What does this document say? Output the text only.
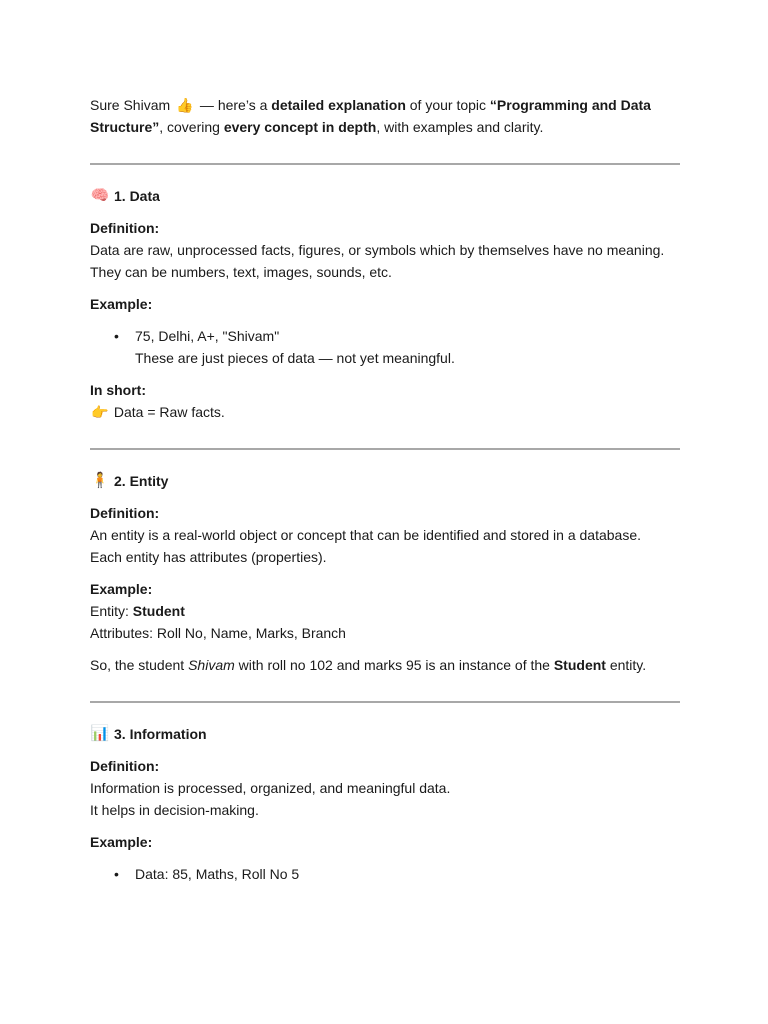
Sure Shivam 👍 — here’s a detailed explanation of your topic “Programming and Data Structure”, covering every concept in depth, with examples and clarity.

🧠 1. Data

Definition:

Data are raw, unprocessed facts, figures, or symbols which by themselves have no meaning.

They can be numbers, text, images, sounds, etc.

Example:

• 75, Delhi, A+, "Shivam"
These are just pieces of data — not yet meaningful.

In short:

👉 Data = Raw facts.

🧍 2. Entity

Definition:

An entity is a real-world object or concept that can be identified and stored in a database.

Each entity has attributes (properties).

Example:

Entity: Student

Attributes: Roll No, Name, Marks, Branch

So, the student Shivam with roll no 102 and marks 95 is an instance of the Student entity.

📊 3. Information

Definition:

Information is processed, organized, and meaningful data.

It helps in decision-making.

Example:

• Data: 85, Maths, Roll No 5
